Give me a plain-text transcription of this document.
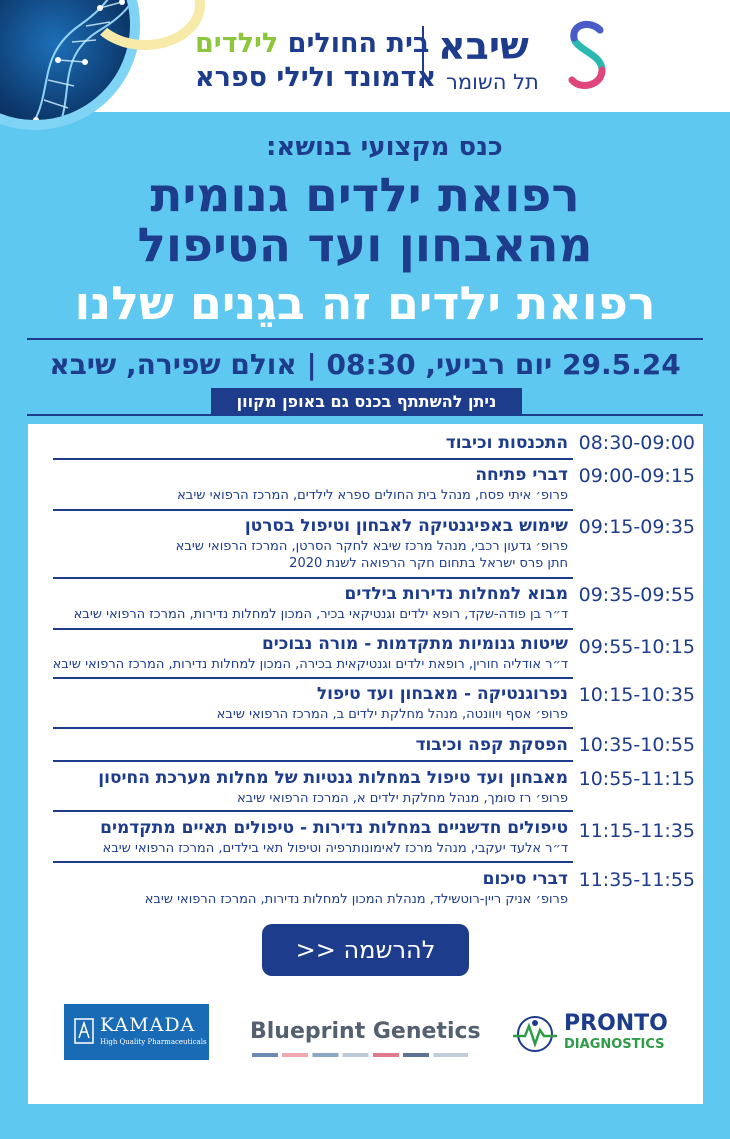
שיבא
תל השומר
בית החולים לילדים
אדמונד ולילי ספרא
כנס מקצועי בנושא:
רפואת ילדים גנומית
מהאבחון ועד הטיפול
רפואת ילדים זה בגֵנים שלנו
29.5.24 יום רביעי, 08:30 | אולם שפירה, שיבא
ניתן להשתתף בכנס גם באופן מקוון
08:30-09:00
התכנסות וכיבוד
09:00-09:15
דברי פתיחה
פרופ׳ איתי פסח, מנהל בית החולים ספרא לילדים, המרכז הרפואי שיבא
09:15-09:35
שימוש באפיגנטיקה לאבחון וטיפול בסרטן
פרופ׳ גדעון רכבי, מנהל מרכז שיבא לחקר הסרטן, המרכז הרפואי שיבא
חתן פרס ישראל בתחום חקר הרפואה לשנת 2020
09:35-09:55
מבוא למחלות נדירות בילדים
ד״ר בן פודה-שקד, רופא ילדים וגנטיקאי בכיר, המכון למחלות נדירות, המרכז הרפואי שיבא
09:55-10:15
שיטות גנומיות מתקדמות - מורה נבוכים
ד״ר אודליה חורין, רופאת ילדים וגנטיקאית בכירה, המכון למחלות נדירות, המרכז הרפואי שיבא
10:15-10:35
נפרוגנטיקה - מאבחון ועד טיפול
פרופ׳ אסף ויוונטה, מנהל מחלקת ילדים ב, המרכז הרפואי שיבא
10:35-10:55
הפסקת קפה וכיבוד
10:55-11:15
מאבחון ועד טיפול במחלות גנטיות של מחלות מערכת החיסון
פרופ׳ רז סומך, מנהל מחלקת ילדים א, המרכז הרפואי שיבא
11:15-11:35
טיפולים חדשניים במחלות נדירות - טיפולים תאיים מתקדמים
ד״ר אלעד יעקבי, מנהל מרכז לאימונותרפיה וטיפול תאי בילדים, המרכז הרפואי שיבא
11:35-11:55
דברי סיכום
פרופ׳ אניק ריין-רוטשילד, מנהלת המכון למחלות נדירות, המרכז הרפואי שיבא
להרשמה <<
KAMADA
High Quality Pharmaceuticals Blueprint Genetics	PRONTO
DIAGNOSTICS
